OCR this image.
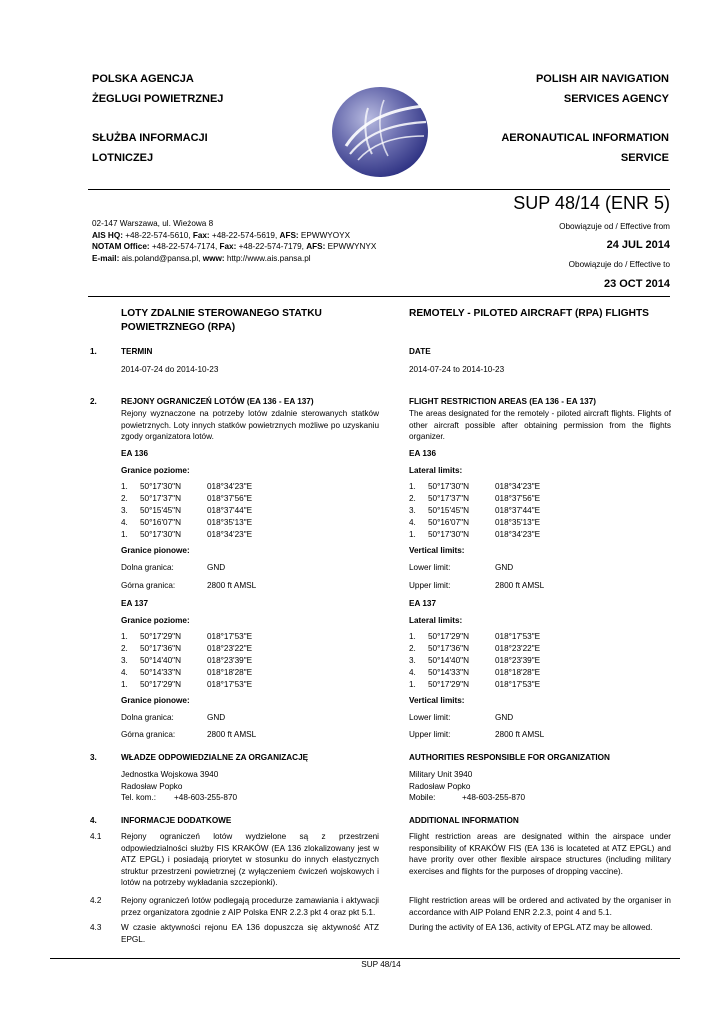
POLSKA AGENCJA
ŻEGLUGI POWIETRZNEJ
SŁUŻBA INFORMACJI
LOTNICZEJ
POLISH AIR NAVIGATION
SERVICES AGENCY
AERONAUTICAL INFORMATION
SERVICE
SUP 48/14 (ENR 5)
Obowiązuje od / Effective from
24 JUL 2014
Obowiązuje do / Effective to
23 OCT 2014
02-147 Warszawa, ul. Wieżowa 8
AIS HQ: +48-22-574-5610, Fax: +48-22-574-5619, AFS: EPWWYOYX
NOTAM Office: +48-22-574-7174, Fax: +48-22-574-7179, AFS: EPWWYNYX
E-mail: ais.poland@pansa.pl, www: http://www.ais.pansa.pl
LOTY ZDALNIE STEROWANEGO STATKU
POWIETRZNEGO (RPA)
REMOTELY - PILOTED AIRCRAFT (RPA) FLIGHTS
1.	TERMIN	DATE
2014-07-24 do 2014-10-23	2014-07-24 to 2014-10-23
2.	REJONY OGRANICZEŃ LOTÓW (EA 136 - EA 137)	FLIGHT RESTRICTION AREAS (EA 136 - EA 137)
Rejony wyznaczone na potrzeby lotów zdalnie sterowanych statków powietrznych. Loty innych statków powietrznych możliwe po uzyskaniu zgody organizatora lotów.
The areas designated for the remotely - piloted aircraft flights. Flights of other aircraft possible after obtaining permission from the flights organizer.
EA 136	EA 136
Granice poziome:	Lateral limits:
1. 50°17'30"N	018°34'23"E
2. 50°17'37"N	018°37'56"E
3. 50°15'45"N	018°37'44"E
4. 50°16'07"N	018°35'13"E
1. 50°17'30"N	018°34'23"E
1. 50°17'30"N	018°34'23"E
2. 50°17'37"N	018°37'56"E
3. 50°15'45"N	018°37'44"E
4. 50°16'07"N	018°35'13"E
1. 50°17'30"N	018°34'23"E
Granice pionowe:	Vertical limits:
Dolna granica:	GND	Lower limit:	GND
Górna granica:	2800 ft AMSL	Upper limit:	2800 ft AMSL
EA 137	EA 137
Granice poziome:	Lateral limits:
1. 50°17'29"N	018°17'53"E
2. 50°17'36"N	018°23'22"E
3. 50°14'40"N	018°23'39"E
4. 50°14'33"N	018°18'28"E
1. 50°17'29"N	018°17'53"E
1. 50°17'29"N	018°17'53"E
2. 50°17'36"N	018°23'22"E
3. 50°14'40"N	018°23'39"E
4. 50°14'33"N	018°18'28"E
1. 50°17'29"N	018°17'53"E
Granice pionowe:	Vertical limits:
Dolna granica:	GND	Lower limit:	GND
Górna granica:	2800 ft AMSL	Upper limit:	2800 ft AMSL
3.	WŁADZE ODPOWIEDZIALNE ZA ORGANIZACJĘ	AUTHORITIES RESPONSIBLE FOR ORGANIZATION
Jednostka Wojskowa 3940
Radosław Popko
Tel. kom.: +48-603-255-870
Military Unit 3940
Radosław Popko
Mobile:	+48-603-255-870
4.	INFORMACJE DODATKOWE	ADDITIONAL INFORMATION
4.1 Rejony ograniczeń lotów wydzielone są z przestrzeni odpowiedzialności służby FIS KRAKÓW (EA 136 zlokalizowany jest w ATZ EPGL) i posiadają priorytet w stosunku do innych elastycznych struktur przestrzeni powietrznej (z wyłączeniem ćwiczeń wojskowych i lotów na potrzeby wykładania szczepionki).
Flight restriction areas are designated within the airspace under responsibility of KRAKÓW FIS (EA 136 is locateted at ATZ EPGL) and have prority over other flexible airspace structures (including military exercises and flights for the purposes of dropping vaccine).
4.2 Rejony ograniczeń lotów podlegają procedurze zamawiania i aktywacji przez organizatora zgodnie z AIP Polska ENR 2.2.3 pkt 4 oraz pkt 5.1.
Flight restriction areas will be ordered and activated by the organiser in accordance with AIP Poland ENR 2.2.3, point 4 and 5.1.
4.3 W czasie aktywności rejonu EA 136 dopuszcza się aktywność ATZ EPGL.
During the activity of EA 136, activity of EPGL ATZ may be allowed.
SUP 48/14
